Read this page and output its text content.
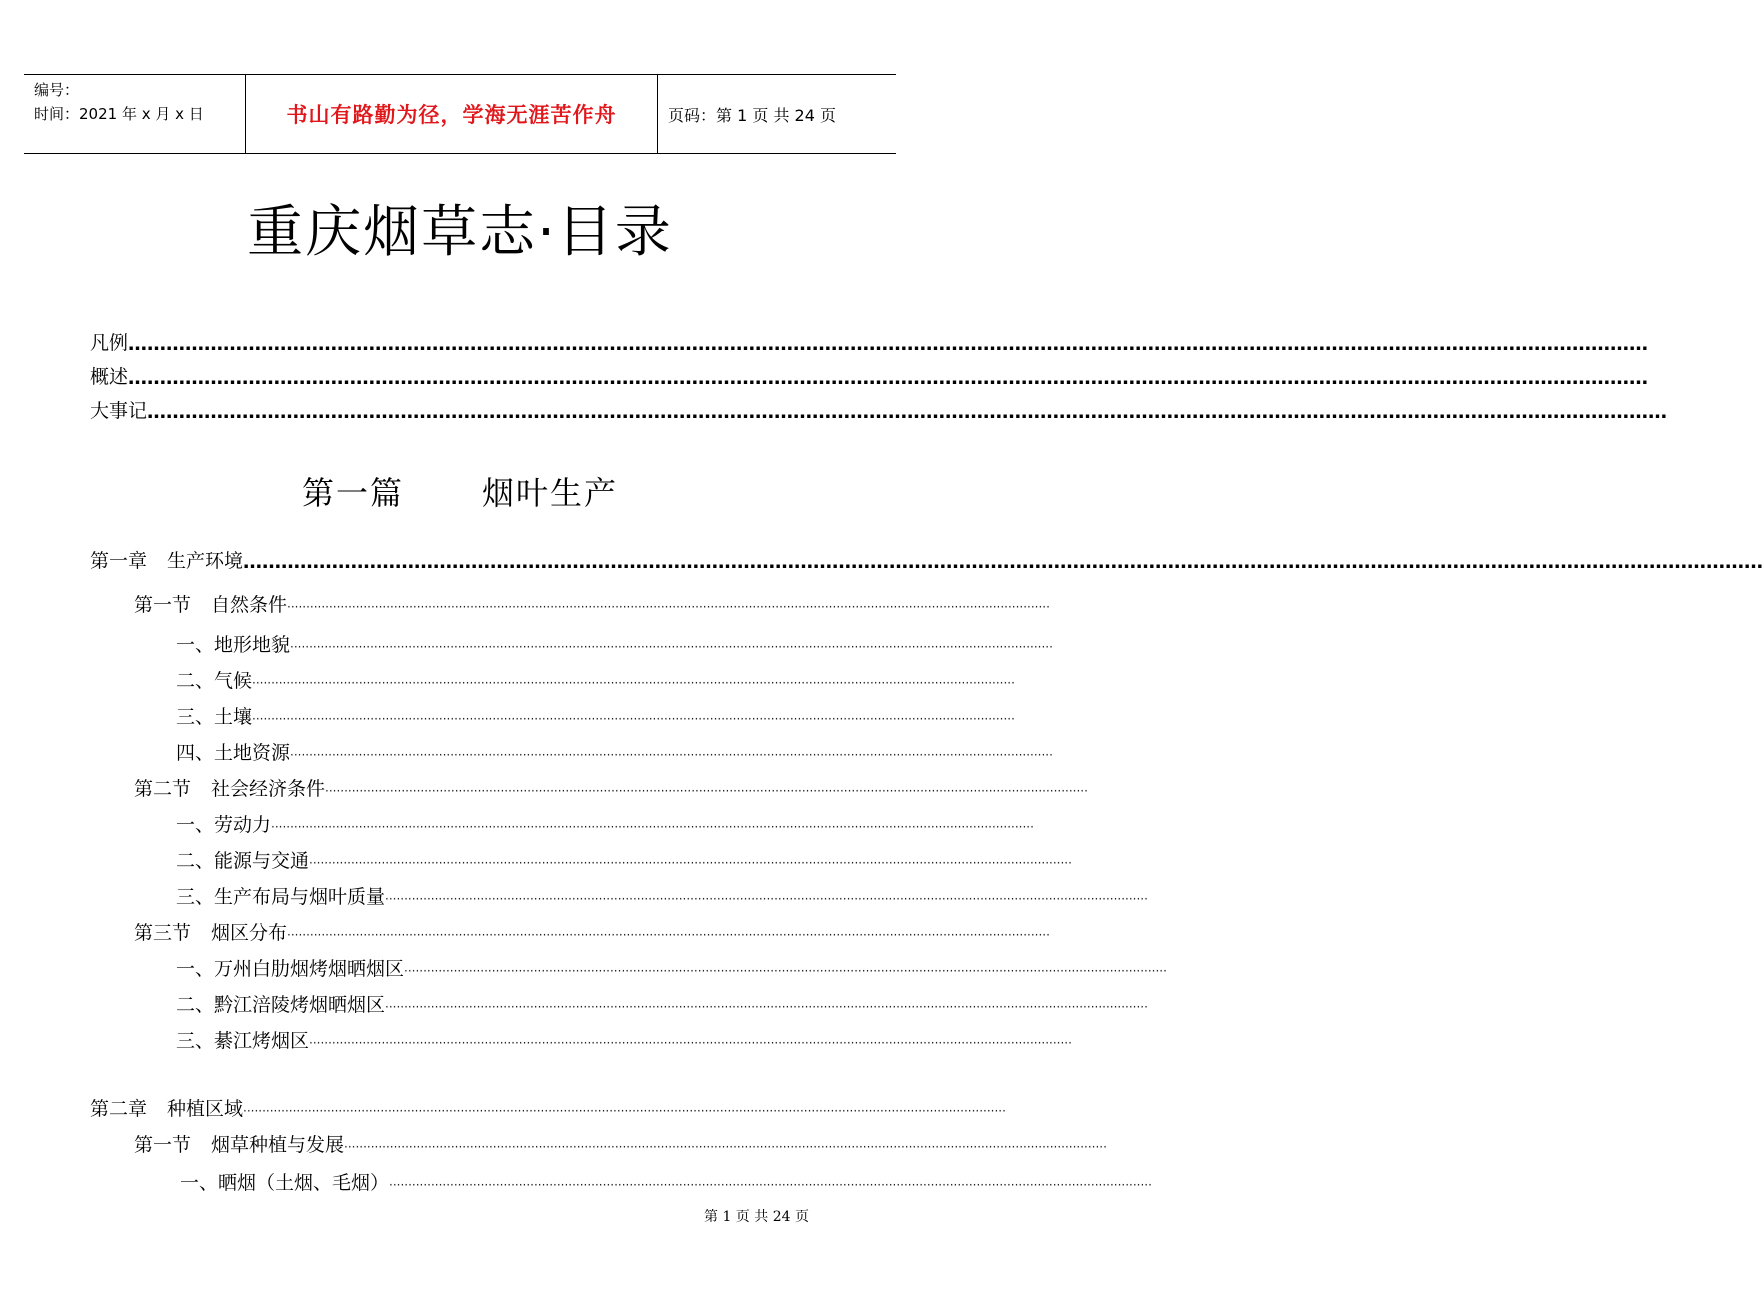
编号：
时间：2021 年 x 月 x 日	书山有路勤为径，学海无涯苦作舟	页码：第 1 页 共 24 页
重庆烟草志·目录
凡例 ……………………………………………………………………………………………………………………………………………………………………………………………………………………
概述 ……………………………………………………………………………………………………………………………………………………………………………………………………………………
大事记 ……………………………………………………………………………………………………………………………………………………………………………………………………………………
第一篇 烟叶生产
第一章 生产环境 ……………………………………………………………………………………………………………………………………………………………………………………………………………………
第一节 自然条件 ········································································································································································································
一、地形地貌 ········································································································································································································
二、气候 ········································································································································································································
三、土壤 ········································································································································································································
四、土地资源 ········································································································································································································
第二节 社会经济条件 ········································································································································································································
一、劳动力 ········································································································································································································
二、能源与交通 ········································································································································································································
三、生产布局与烟叶质量 ········································································································································································································
第三节 烟区分布 ········································································································································································································
一、万州白肋烟烤烟晒烟区 ········································································································································································································
二、黔江涪陵烤烟晒烟区 ········································································································································································································
三、綦江烤烟区 ········································································································································································································
第二章 种植区域 ········································································································································································································
第一节 烟草种植与发展 ········································································································································································································
一、晒烟（土烟、毛烟） ········································································································································································································
第 1 页 共 24 页
